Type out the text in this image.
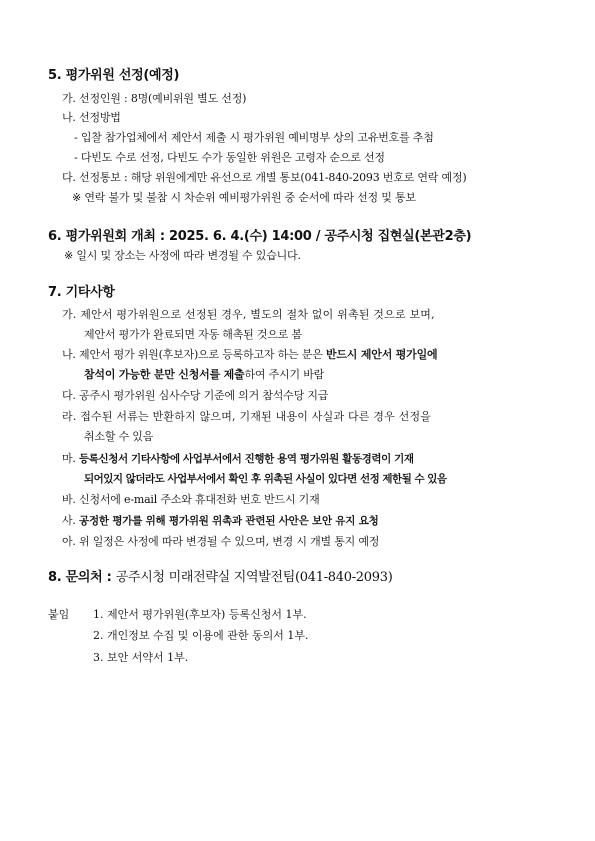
5. 평가위원 선정(예정)
가. 선정인원 : 8명(예비위원 별도 선정)
나. 선정방법
- 입찰 참가업체에서 제안서 제출 시 평가위원 예비명부 상의 고유번호를 추첨
- 다빈도 수로 선정, 다빈도 수가 동일한 위원은 고령자 순으로 선정
다. 선정통보 : 해당 위원에게만 유선으로 개별 통보(041-840-2093 번호로 연락 예정)
※ 연락 불가 및 불참 시 차순위 예비평가위원 중 순서에 따라 선정 및 통보
6. 평가위원회 개최 : 2025. 6. 4.(수) 14:00 / 공주시청 집현실(본관2층)
※ 일시 및 장소는 사정에 따라 변경될 수 있습니다.
7. 기타사항
가. 제안서 평가위원으로 선정된 경우, 별도의 절차 없이 위촉된 것으로 보며,
제안서 평가가 완료되면 자동 해촉된 것으로 봄
나. 제안서 평가 위원(후보자)으로 등록하고자 하는 분은 반드시 제안서 평가일에
참석이 가능한 분만 신청서를 제출하여 주시기 바람
다. 공주시 평가위원 심사수당 기준에 의거 참석수당 지급
라. 접수된 서류는 반환하지 않으며, 기재된 내용이 사실과 다른 경우 선정을
취소할 수 있음
마. 등록신청서 기타사항에 사업부서에서 진행한 용역 평가위원 활동경력이 기재
되어있지 않더라도 사업부서에서 확인 후 위촉된 사실이 있다면 선정 제한될 수 있음
바. 신청서에 e-mail 주소와 휴대전화 번호 반드시 기재
사. 공정한 평가를 위해 평가위원 위촉과 관련된 사안은 보안 유지 요청
아. 위 일정은 사정에 따라 변경될 수 있으며, 변경 시 개별 통지 예정
8. 문의처 : 공주시청 미래전략실 지역발전팀(041-840-2093)
붙임 1. 제안서 평가위원(후보자) 등록신청서 1부.
2. 개인정보 수집 및 이용에 관한 동의서 1부.
3. 보안 서약서 1부.
